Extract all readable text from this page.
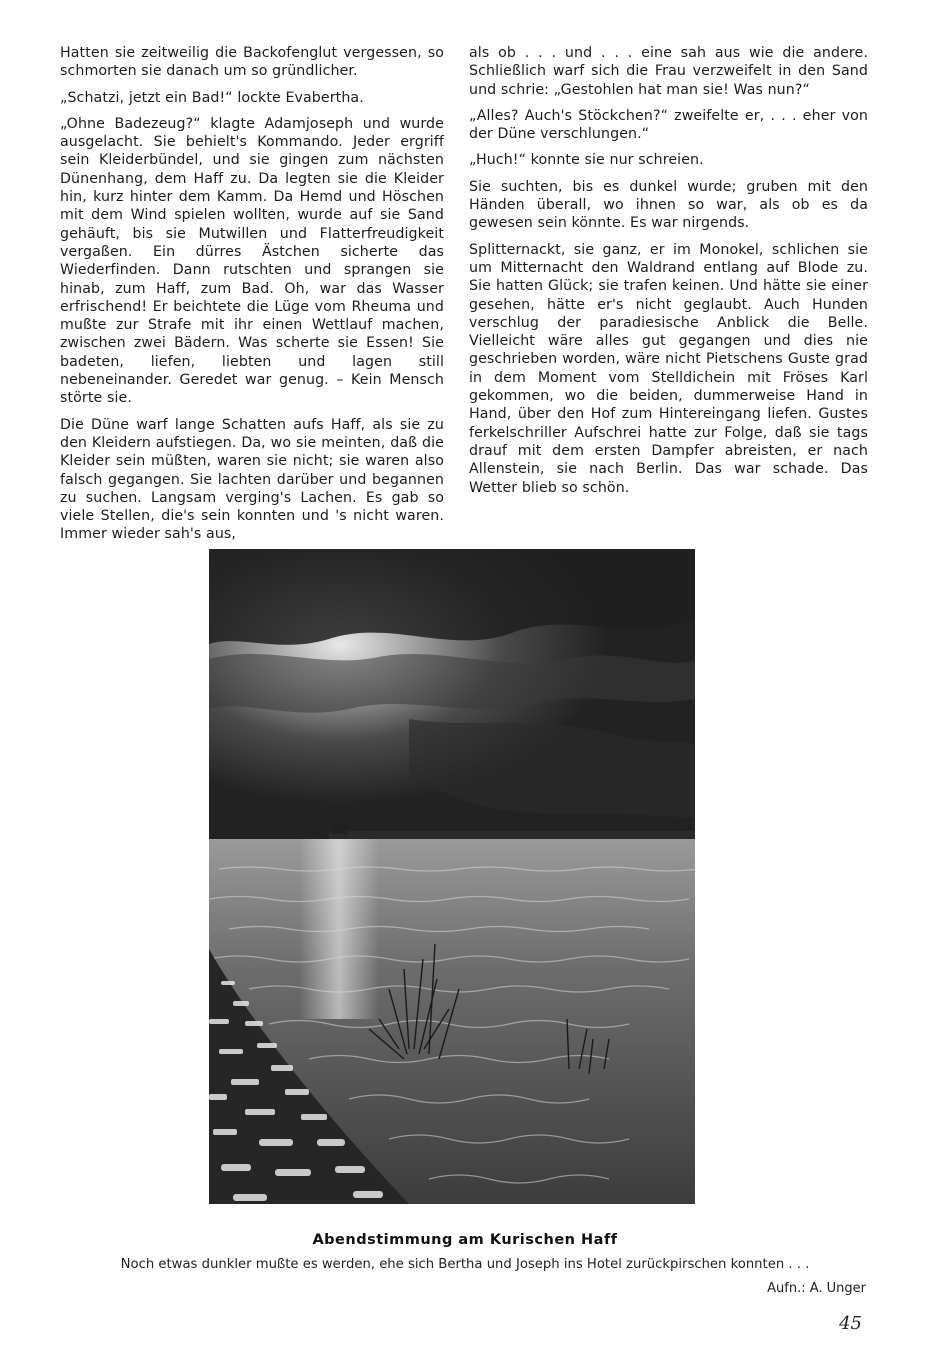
Hatten sie zeitweilig die Backofenglut vergessen, so schmorten sie danach um so gründlicher.

„Schatzi, jetzt ein Bad!“ lockte Evabertha.

„Ohne Badezeug?“ klagte Adamjoseph und wurde ausgelacht. Sie behielt's Kommando. Jeder ergriff sein Kleiderbündel, und sie gingen zum nächsten Dünenhang, dem Haff zu. Da legten sie die Kleider hin, kurz hinter dem Kamm. Da Hemd und Höschen mit dem Wind spielen wollten, wurde auf sie Sand gehäuft, bis sie Mutwillen und Flatterfreudigkeit vergaßen. Ein dürres Ästchen sicherte das Wiederfinden. Dann rutschten und sprangen sie hinab, zum Haff, zum Bad. Oh, war das Wasser erfrischend! Er beichtete die Lüge vom Rheuma und mußte zur Strafe mit ihr einen Wettlauf machen, zwischen zwei Bädern. Was scherte sie Essen! Sie badeten, liefen, liebten und lagen still nebeneinander. Geredet war genug. – Kein Mensch störte sie.

Die Düne warf lange Schatten aufs Haff, als sie zu den Kleidern aufstiegen. Da, wo sie meinten, daß die Kleider sein müßten, waren sie nicht; sie waren also falsch gegangen. Sie lachten darüber und begannen zu suchen. Langsam verging's Lachen. Es gab so viele Stellen, die's sein konnten und 's nicht waren. Immer wieder sah's aus,

als ob . . . und . . . eine sah aus wie die andere. Schließlich warf sich die Frau verzweifelt in den Sand und schrie: „Gestohlen hat man sie! Was nun?“

„Alles? Auch's Stöckchen?“ zweifelte er, . . . eher von der Düne verschlungen.“

„Huch!“ konnte sie nur schreien.

Sie suchten, bis es dunkel wurde; gruben mit den Händen überall, wo ihnen so war, als ob es da gewesen sein könnte. Es war nirgends.

Splitternackt, sie ganz, er im Monokel, schlichen sie um Mitternacht den Waldrand entlang auf Blode zu. Sie hatten Glück; sie trafen keinen. Und hätte sie einer gesehen, hätte er's nicht geglaubt. Auch Hunden verschlug der paradiesische Anblick die Belle. Vielleicht wäre alles gut gegangen und dies nie geschrieben worden, wäre nicht Pietschens Guste grad in dem Moment vom Stelldichein mit Fröses Karl gekommen, wo die beiden, dummerweise Hand in Hand, über den Hof zum Hintereingang liefen. Gustes ferkelschriller Aufschrei hatte zur Folge, daß sie tags drauf mit dem ersten Dampfer abreisten, er nach Allenstein, sie nach Berlin. Das war schade. Das Wetter blieb so schön.

Abendstimmung am Kurischen Haff
Noch etwas dunkler mußte es werden, ehe sich Bertha und Joseph ins Hotel zurückpirschen konnten . . .
Aufn.: A. Unger
45
